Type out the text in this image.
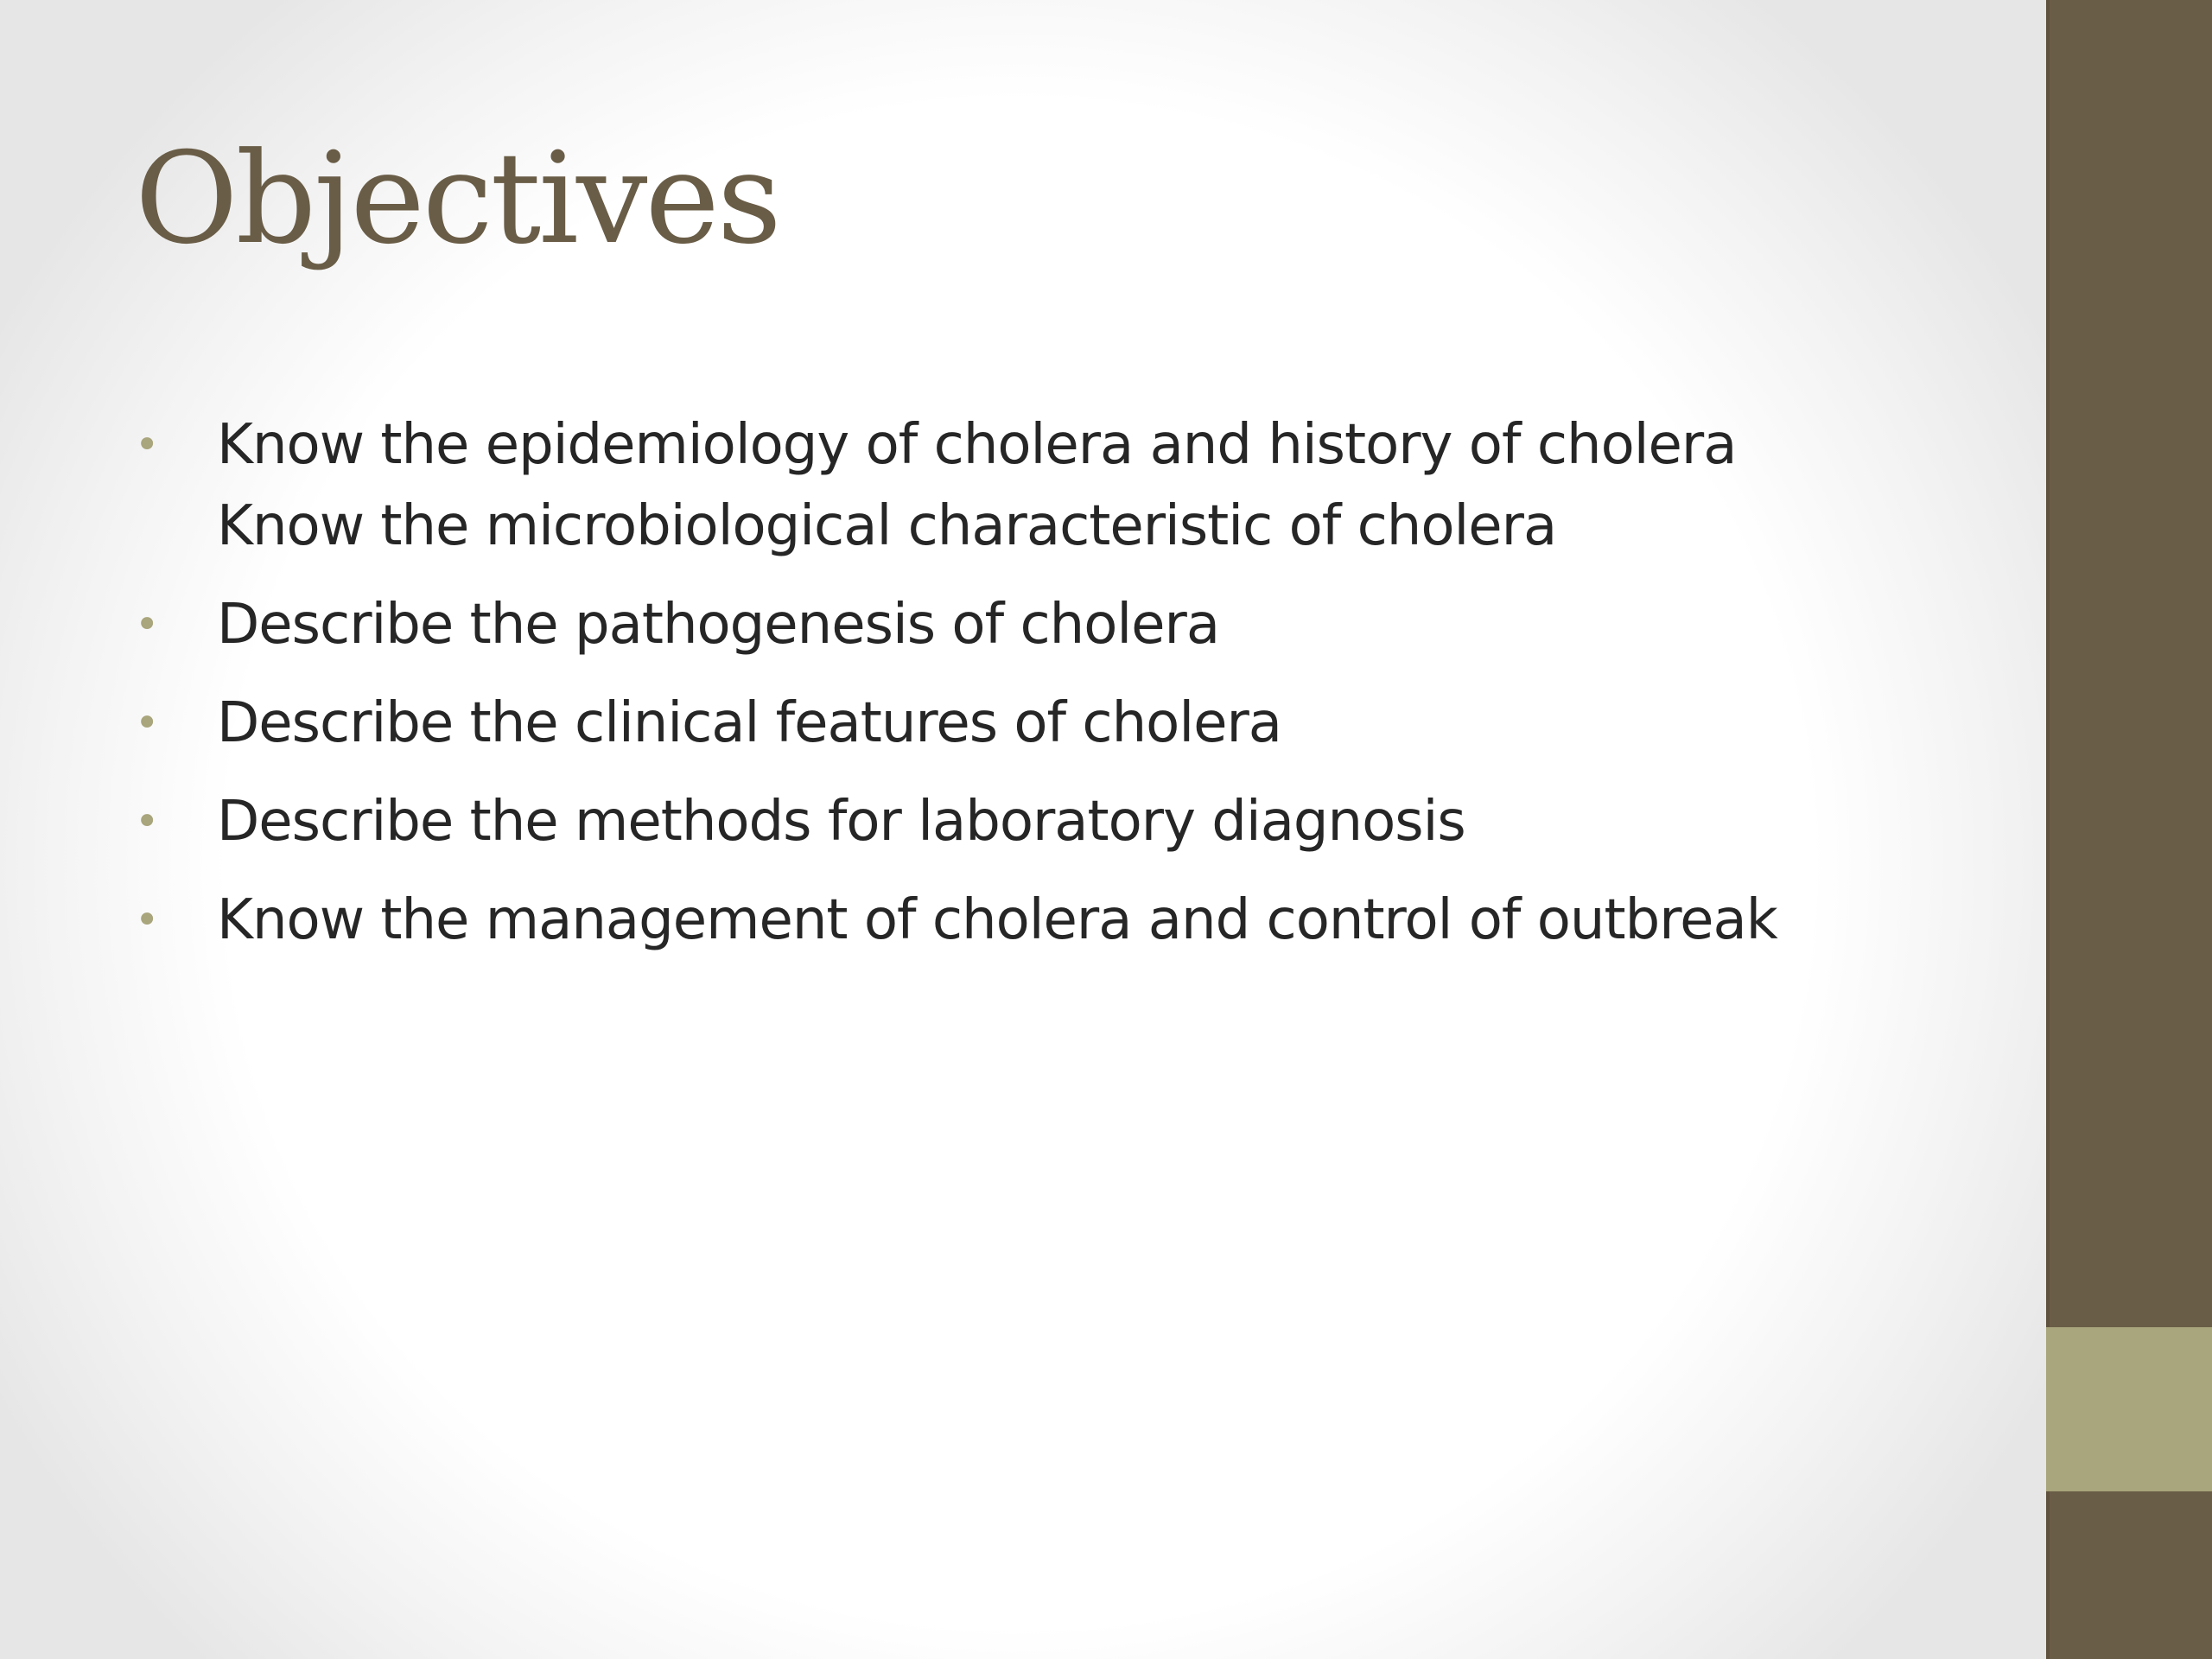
Objectives
• Know the epidemiology of cholera and history of cholera
Know the microbiological characteristic of cholera
• Describe the pathogenesis of cholera
• Describe the clinical features of cholera
• Describe the methods for laboratory diagnosis
• Know the management of cholera and control of outbreak
